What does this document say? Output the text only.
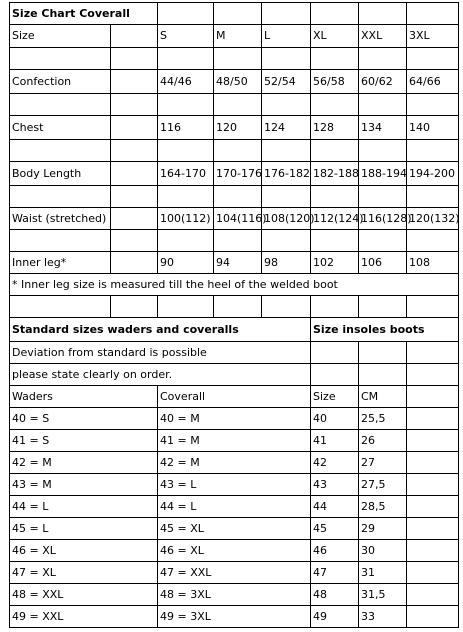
Size Chart Coverall							
Size		S	M	L	XL	XXL	3XL

Confection		44/46	48/50	52/54	56/58	60/62	64/66

Chest		116	120	124	128	134	140

Body Length		164-170	170-176	176-182	182-188	188-194	194-200

Waist (stretched)		100(112)	104(116)	108(120)	112(124)	116(128)	120(132)

Inner leg*		90	94	98	102	106	108
* Inner leg size is measured till the heel of the welded boot							

Standard sizes waders and coveralls					Size insoles boots		
Deviation from standard is possible							
please state clearly on order.							
Waders		Coverall			Size	CM	
40 = S		40 = M			40	25,5	
41 = S		41 = M			41	26	
42 = M		42 = M			42	27	
43 = M		43 = L			43	27,5	
44 = L		44 = L			44	28,5	
45 = L		45 = XL			45	29	
46 = XL		46 = XL			46	30	
47 = XL		47 = XXL			47	31	
48 = XXL		48 = 3XL			48	31,5	
49 = XXL		49 = 3XL			49	33	
